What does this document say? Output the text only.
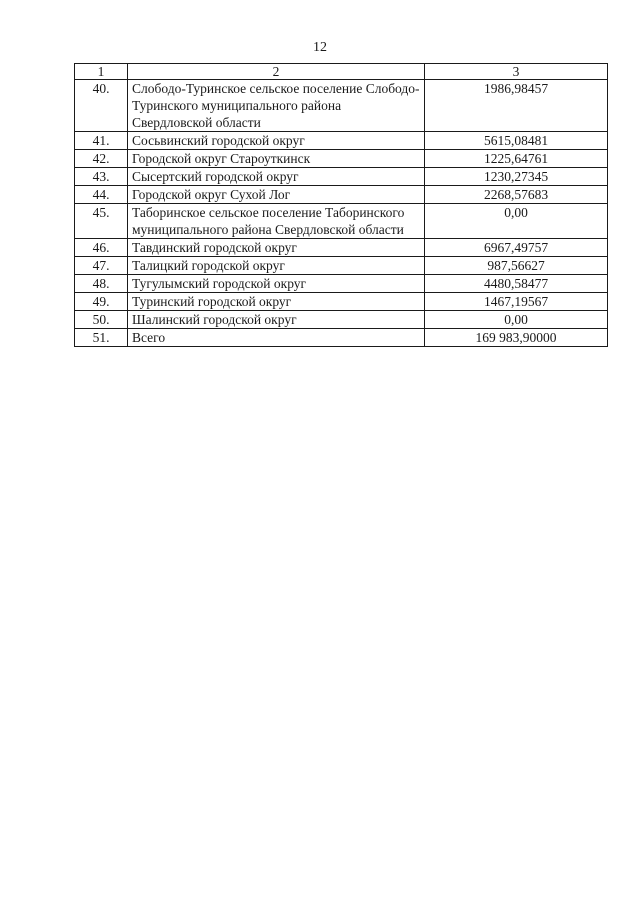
12
1	2	3
40.	Слободо-Туринское сельское поселение Слободо-Туринского муниципального района Свердловской области	1986,98457
41.	Сосьвинский городской округ	5615,08481
42.	Городской округ Староуткинск	1225,64761
43.	Сысертский городской округ	1230,27345
44.	Городской округ Сухой Лог	2268,57683
45.	Таборинское сельское поселение Таборинского муниципального района Свердловской области	0,00
46.	Тавдинский городской округ	6967,49757
47.	Талицкий городской округ	987,56627
48.	Тугулымский городской округ	4480,58477
49.	Туринский городской округ	1467,19567
50.	Шалинский городской округ	0,00
51.	Всего	169 983,90000
